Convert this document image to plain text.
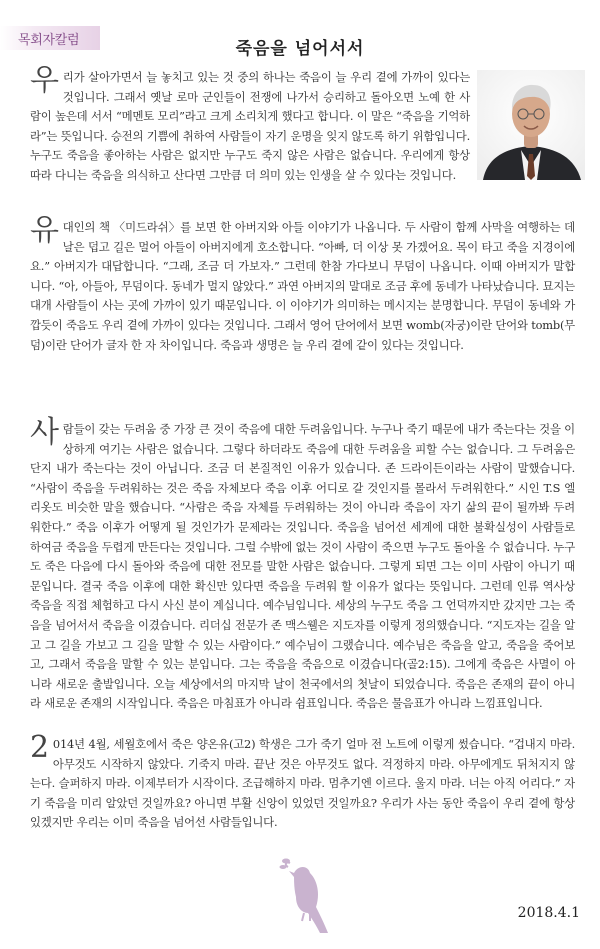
목회자칼럼	죽음을 넘어서서
우 리가 살아가면서 늘 놓치고 있는 것 중의 하나는 죽음이 늘 우리 곁에 가까이 있다는 것입니다. 그래서 옛날 로마 군인들이 전쟁에 나가서 승리하고 돌아오면 노예 한 사람이 높은데 서서 “메멘토 모리”라고 크게 소리치게 했다고 합니다. 이 말은 “죽음을 기억하라”는 뜻입니다. 승전의 기쁨에 취하여 사람들이 자기 운명을 잊지 않도록 하기 위함입니다. 누구도 죽음을 좋아하는 사람은 없지만 누구도 죽지 않은 사람은 없습니다. 우리에게 항상 따라 다니는 죽음을 의식하고 산다면 그만큼 더 의미 있는 인생을 살 수 있다는 것입니다.
유 대인의 책 〈미드라쉬〉를 보면 한 아버지와 아들 이야기가 나옵니다. 두 사람이 함께 사막을 여행하는 데 날은 덥고 길은 멀어 아들이 아버지에게 호소합니다. “아빠, 더 이상 못 가겠어요. 목이 타고 죽을 지경이에요.” 아버지가 대답합니다. “그래, 조금 더 가보자.” 그런데 한참 가다보니 무덤이 나옵니다. 이때 아버지가 말합니다. “아, 아들아, 무덤이다. 동네가 멀지 않았다.” 과연 아버지의 말대로 조금 후에 동네가 나타났습니다. 묘지는 대개 사람들이 사는 곳에 가까이 있기 때문입니다. 이 이야기가 의미하는 메시지는 분명합니다. 무덤이 동네와 가깝듯이 죽음도 우리 곁에 가까이 있다는 것입니다. 그래서 영어 단어에서 보면 womb(자궁)이란 단어와 tomb(무덤)이란 단어가 글자 한 자 차이입니다. 죽음과 생명은 늘 우리 곁에 같이 있다는 것입니다.
사 람들이 갖는 두려움 중 가장 큰 것이 죽음에 대한 두려움입니다. 누구나 죽기 때문에 내가 죽는다는 것을 이상하게 여기는 사람은 없습니다. 그렇다 하더라도 죽음에 대한 두려움을 피할 수는 없습니다. 그 두려움은 단지 내가 죽는다는 것이 아닙니다. 조금 더 본질적인 이유가 있습니다. 존 드라이든이라는 사람이 말했습니다. “사람이 죽음을 두려워하는 것은 죽음 자체보다 죽음 이후 어디로 갈 것인지를 몰라서 두려워한다.” 시인 T.S 엘리옷도 비슷한 말을 했습니다. “사람은 죽음 자체를 두려워하는 것이 아니라 죽음이 자기 삶의 끝이 될까봐 두려워한다.” 죽음 이후가 어떻게 될 것인가가 문제라는 것입니다. 죽음을 넘어선 세계에 대한 불확실성이 사람들로 하여금 죽음을 두렵게 만든다는 것입니다. 그럴 수밖에 없는 것이 사람이 죽으면 누구도 돌아올 수 없습니다. 누구도 죽은 다음에 다시 돌아와 죽음에 대한 전모를 말한 사람은 없습니다. 그렇게 되면 그는 이미 사람이 아니기 때문입니다. 결국 죽음 이후에 대한 확신만 있다면 죽음을 두려워 할 이유가 없다는 뜻입니다. 그런데 인류 역사상 죽음을 직접 체험하고 다시 사신 분이 계십니다. 예수님입니다. 세상의 누구도 죽음 그 언덕까지만 갔지만 그는 죽음을 넘어서서 죽음을 이겼습니다. 리더십 전문가 존 맥스웰은 지도자를 이렇게 정의했습니다. “지도자는 길을 알고 그 길을 가보고 그 길을 말할 수 있는 사람이다.” 예수님이 그랬습니다. 예수님은 죽음을 알고, 죽음을 죽어보고, 그래서 죽음을 말할 수 있는 분입니다. 그는 죽음을 죽음으로 이겼습니다(골2:15). 그에게 죽음은 사멸이 아니라 새로운 출발입니다. 오늘 세상에서의 마지막 날이 천국에서의 첫날이 되었습니다. 죽음은 존재의 끝이 아니라 새로운 존재의 시작입니다. 죽음은 마침표가 아니라 쉼표입니다. 죽음은 물음표가 아니라 느낌표입니다.
2 014년 4월, 세월호에서 죽은 양온유(고2) 학생은 그가 죽기 얼마 전 노트에 이렇게 썼습니다. “겁내지 마라. 아무것도 시작하지 않았다. 기죽지 마라. 끝난 것은 아무것도 없다. 걱정하지 마라. 아무에게도 뒤처지지 않는다. 슬퍼하지 마라. 이제부터가 시작이다. 조급해하지 마라. 멈추기엔 이르다. 울지 마라. 너는 아직 어리다.” 자기 죽음을 미리 알았던 것일까요? 아니면 부활 신앙이 있었던 것일까요? 우리가 사는 동안 죽음이 우리 곁에 항상 있겠지만 우리는 이미 죽음을 넘어선 사람들입니다.
2018.4.1
